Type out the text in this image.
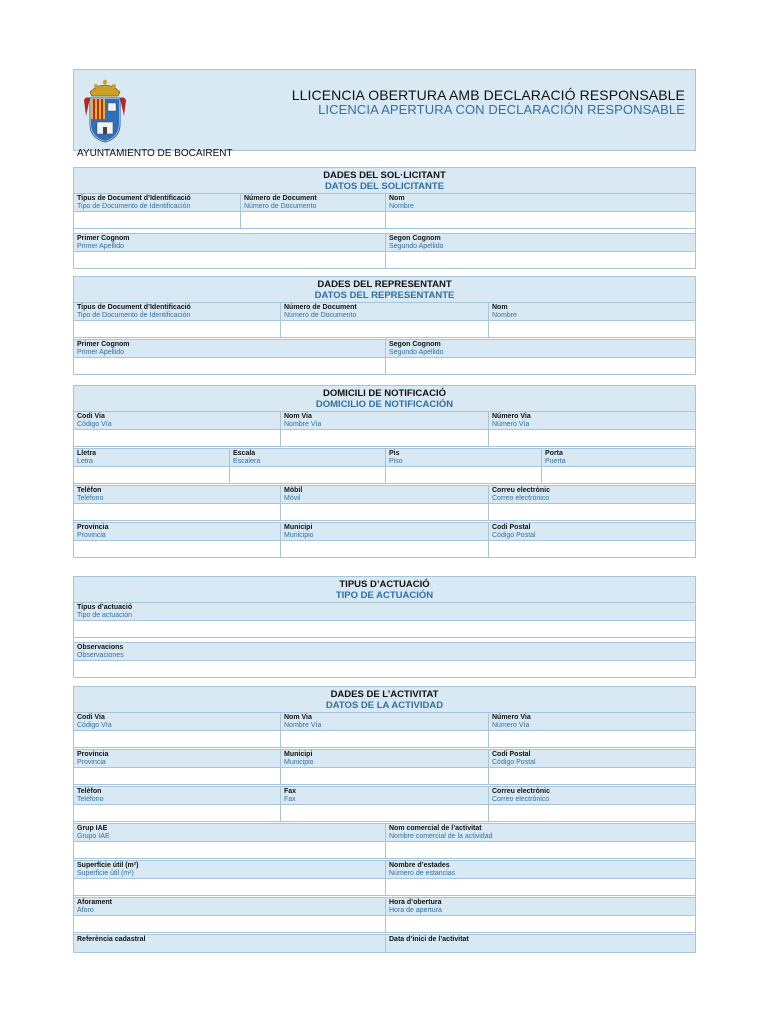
LLICENCIA OBERTURA AMB DECLARACIÓ RESPONSABLE
LICENCIA APERTURA CON DECLARACIÓN RESPONSABLE
AYUNTAMIENTO DE BOCAIRENT
DADES DEL SOL·LICITANT
DATOS DEL SOLICITANTE
Tipus de Document d’Identificació
Tipo de Documento de Identificación
Número de Document
Número de Documento
Nom
Nombre
Primer Cognom
Primer Apellido
Segon Cognom
Segundo Apellido
DADES DEL REPRESENTANT
DATOS DEL REPRESENTANTE
Tipus de Document d’Identificació
Tipo de Documento de Identificación
Número de Document
Número de Documento
Nom
Nombre
Primer Cognom
Primer Apellido
Segon Cognom
Segundo Apellido
DOMICILI DE NOTIFICACIÓ
DOMICILIO DE NOTIFICACIÓN
Codi Via
Código Vía
Nom Via
Nombre Vía
Número Via
Número Vía
Lletra
Letra
Escala
Escalera
Pis
Piso
Porta
Puerta
Telèfon
Teléfono
Mòbil
Móvil
Correu electrònic
Correo electrónico
Província
Provincia
Municipi
Municipio
Codi Postal
Código Postal
TIPUS D’ACTUACIÓ
TIPO DE ACTUACIÓN
Tipus d’actuació
Tipo de actuación
Observacions
Observaciones
DADES DE L’ACTIVITAT
DATOS DE LA ACTIVIDAD
Codi Via
Código Vía
Nom Via
Nombre Vía
Número Via
Número Vía
Província
Provincia
Municipi
Municipio
Codi Postal
Código Postal
Telèfon
Teléfono
Fax
Fax
Correu electrònic
Correo electrónico
Grup IAE
Grupo IAE
Nom comercial de l’activitat
Nombre comercial de la actividad
Superfície útil (m²)
Superficie útil (m²)
Nombre d’estades
Número de estancias
Aforament
Aforo
Hora d’obertura
Hora de apertura
Referència cadastral	Data d’inici de l’activitat
